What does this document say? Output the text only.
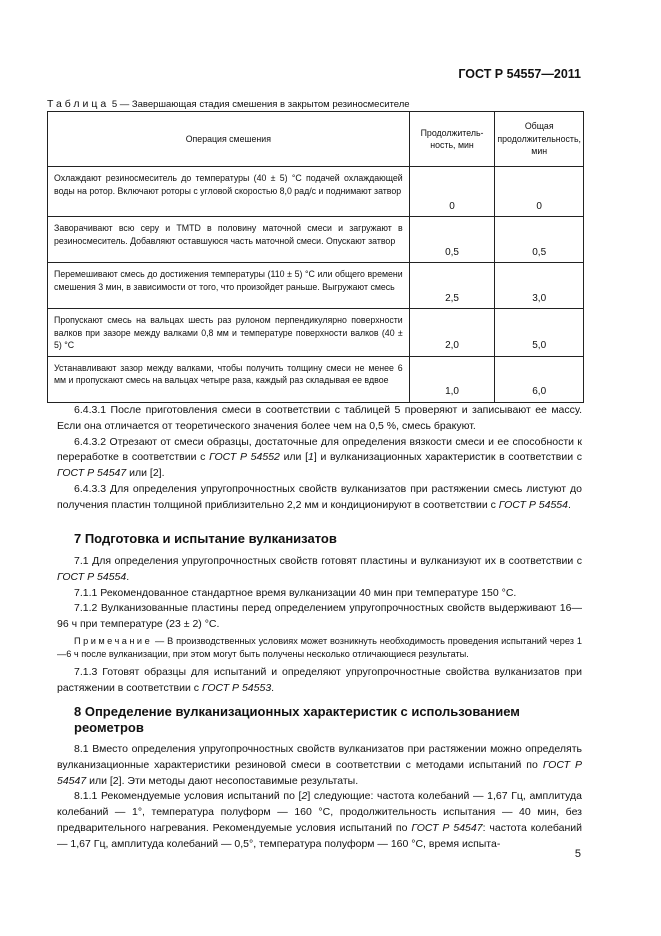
ГОСТ Р 54557—2011
Таблица 5 — Завершающая стадия смешения в закрытом резиносмесителе
Операция смешения	Продолжитель-ность, мин	Общая продолжительность, мин
Охлаждают резиносмеситель до температуры (40 ± 5) °С подачей охлаждающей воды на ротор. Включают роторы с угловой скоростью 8,0 рад/с и поднимают затвор	0	0
Заворачивают всю серу и TMTD в половину маточной смеси и загружают в резиносмеситель. Добавляют оставшуюся часть маточной смеси. Опускают затвор	0,5	0,5
Перемешивают смесь до достижения температуры (110 ± 5) °С или общего времени смешения 3 мин, в зависимости от того, что произойдет раньше. Выгружают смесь	2,5	3,0
Пропускают смесь на вальцах шесть раз рулоном перпендикулярно поверхности валков при зазоре между валками 0,8 мм и температуре поверхности валков (40 ± 5) °С	2,0	5,0
Устанавливают зазор между валками, чтобы получить толщину смеси не менее 6 мм и пропускают смесь на вальцах четыре раза, каждый раз складывая ее вдвое	1,0	6,0

6.4.3.1 После приготовления смеси в соответствии с таблицей 5 проверяют и записывают ее массу. Если она отличается от теоретического значения более чем на 0,5 %, смесь бракуют.

6.4.3.2 Отрезают от смеси образцы, достаточные для определения вязкости смеси и ее способности к переработке в соответствии с ГОСТ Р 54552 или [1] и вулканизационных характеристик в соответствии с ГОСТ Р 54547 или [2].

6.4.3.3 Для определения упругопрочностных свойств вулканизатов при растяжении смесь листуют до получения пластин толщиной приблизительно 2,2 мм и кондиционируют в соответствии с ГОСТ Р 54554.

7 Подготовка и испытание вулканизатов

7.1 Для определения упругопрочностных свойств готовят пластины и вулканизуют их в соответствии с ГОСТ Р 54554.

7.1.1 Рекомендованное стандартное время вулканизации 40 мин при температуре 150 °С.

7.1.2 Вулканизованные пластины перед определением упругопрочностных свойств выдерживают 16—96 ч при температуре (23 ± 2) °С.

Примечание — В производственных условиях может возникнуть необходимость проведения испытаний через 1—6 ч после вулканизации, при этом могут быть получены несколько отличающиеся результаты.

7.1.3 Готовят образцы для испытаний и определяют упругопрочностные свойства вулканизатов при растяжении в соответствии с ГОСТ Р 54553.

8 Определение вулканизационных характеристик с использованием
реометров

8.1 Вместо определения упругопрочностных свойств вулканизатов при растяжении можно определять вулканизационные характеристики резиновой смеси в соответствии с методами испытаний по ГОСТ Р 54547 или [2]. Эти методы дают несопоставимые результаты.

8.1.1 Рекомендуемые условия испытаний по [2] следующие: частота колебаний — 1,67 Гц, амплитуда колебаний — 1°, температура полуформ — 160 °С, продолжительность испытания — 40 мин, без предварительного нагревания. Рекомендуемые условия испытаний по ГОСТ Р 54547: частота колебаний — 1,67 Гц, амплитуда колебаний — 0,5°, температура полуформ — 160 °С, время испыта-

5
